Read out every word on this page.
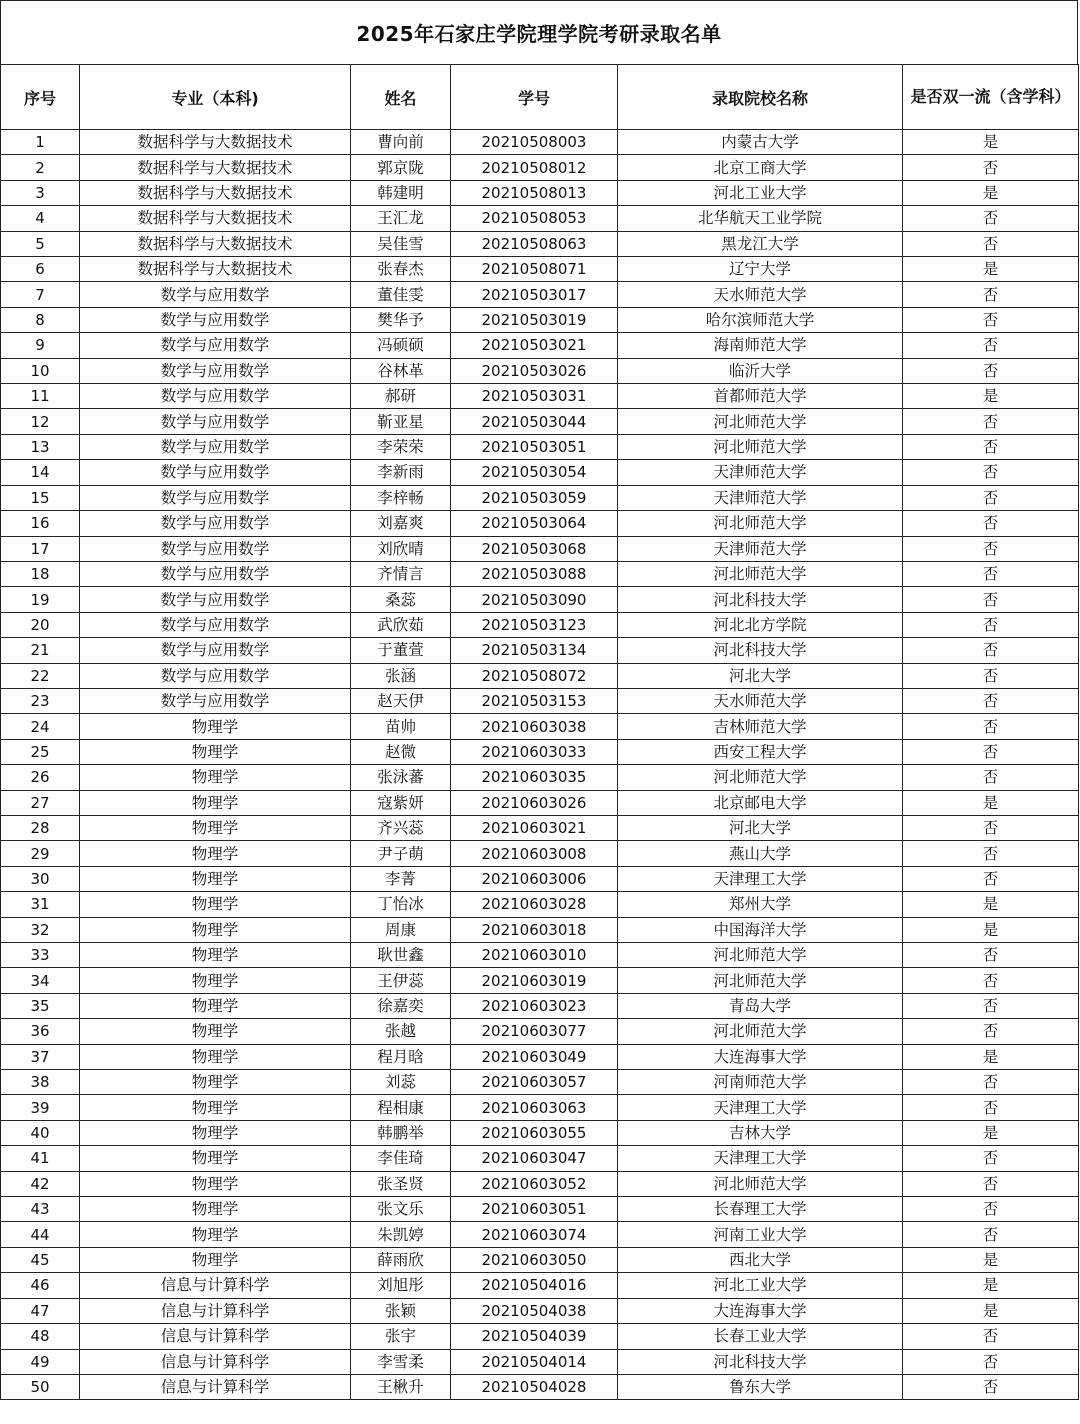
2025年石家庄学院理学院考研录取名单
序号	专业（本科)	姓名	学号	录取院校名称	是否双一流（含学科）
1	数据科学与大数据技术	曹向前	20210508003	内蒙古大学	是
2	数据科学与大数据技术	郭京陇	20210508012	北京工商大学	否
3	数据科学与大数据技术	韩建明	20210508013	河北工业大学	是
4	数据科学与大数据技术	王汇龙	20210508053	北华航天工业学院	否
5	数据科学与大数据技术	吴佳雪	20210508063	黑龙江大学	否
6	数据科学与大数据技术	张春杰	20210508071	辽宁大学	是
7	数学与应用数学	董佳雯	20210503017	天水师范大学	否
8	数学与应用数学	樊华予	20210503019	哈尔滨师范大学	否
9	数学与应用数学	冯硕硕	20210503021	海南师范大学	否
10	数学与应用数学	谷林革	20210503026	临沂大学	否
11	数学与应用数学	郝研	20210503031	首都师范大学	是
12	数学与应用数学	靳亚星	20210503044	河北师范大学	否
13	数学与应用数学	李荣荣	20210503051	河北师范大学	否
14	数学与应用数学	李新雨	20210503054	天津师范大学	否
15	数学与应用数学	李梓畅	20210503059	天津师范大学	否
16	数学与应用数学	刘嘉爽	20210503064	河北师范大学	否
17	数学与应用数学	刘欣晴	20210503068	天津师范大学	否
18	数学与应用数学	齐情言	20210503088	河北师范大学	否
19	数学与应用数学	桑蕊	20210503090	河北科技大学	否
20	数学与应用数学	武欣茹	20210503123	河北北方学院	否
21	数学与应用数学	于董萱	20210503134	河北科技大学	否
22	数学与应用数学	张涵	20210508072	河北大学	否
23	数学与应用数学	赵天伊	20210503153	天水师范大学	否
24	物理学	苗帅	20210603038	吉林师范大学	否
25	物理学	赵微	20210603033	西安工程大学	否
26	物理学	张泳蕃	20210603035	河北师范大学	否
27	物理学	寇紫妍	20210603026	北京邮电大学	是
28	物理学	齐兴蕊	20210603021	河北大学	否
29	物理学	尹子萌	20210603008	燕山大学	否
30	物理学	李菁	20210603006	天津理工大学	否
31	物理学	丁怡冰	20210603028	郑州大学	是
32	物理学	周康	20210603018	中国海洋大学	是
33	物理学	耿世鑫	20210603010	河北师范大学	否
34	物理学	王伊蕊	20210603019	河北师范大学	否
35	物理学	徐嘉奕	20210603023	青岛大学	否
36	物理学	张越	20210603077	河北师范大学	否
37	物理学	程月晗	20210603049	大连海事大学	是
38	物理学	刘蕊	20210603057	河南师范大学	否
39	物理学	程相康	20210603063	天津理工大学	否
40	物理学	韩鹏举	20210603055	吉林大学	是
41	物理学	李佳琦	20210603047	天津理工大学	否
42	物理学	张圣贤	20210603052	河北师范大学	否
43	物理学	张文乐	20210603051	长春理工大学	否
44	物理学	朱凯婷	20210603074	河南工业大学	否
45	物理学	薛雨欣	20210603050	西北大学	是
46	信息与计算科学	刘旭彤	20210504016	河北工业大学	是
47	信息与计算科学	张颖	20210504038	大连海事大学	是
48	信息与计算科学	张宇	20210504039	长春工业大学	否
49	信息与计算科学	李雪柔	20210504014	河北科技大学	否
50	信息与计算科学	王楸升	20210504028	鲁东大学	否
